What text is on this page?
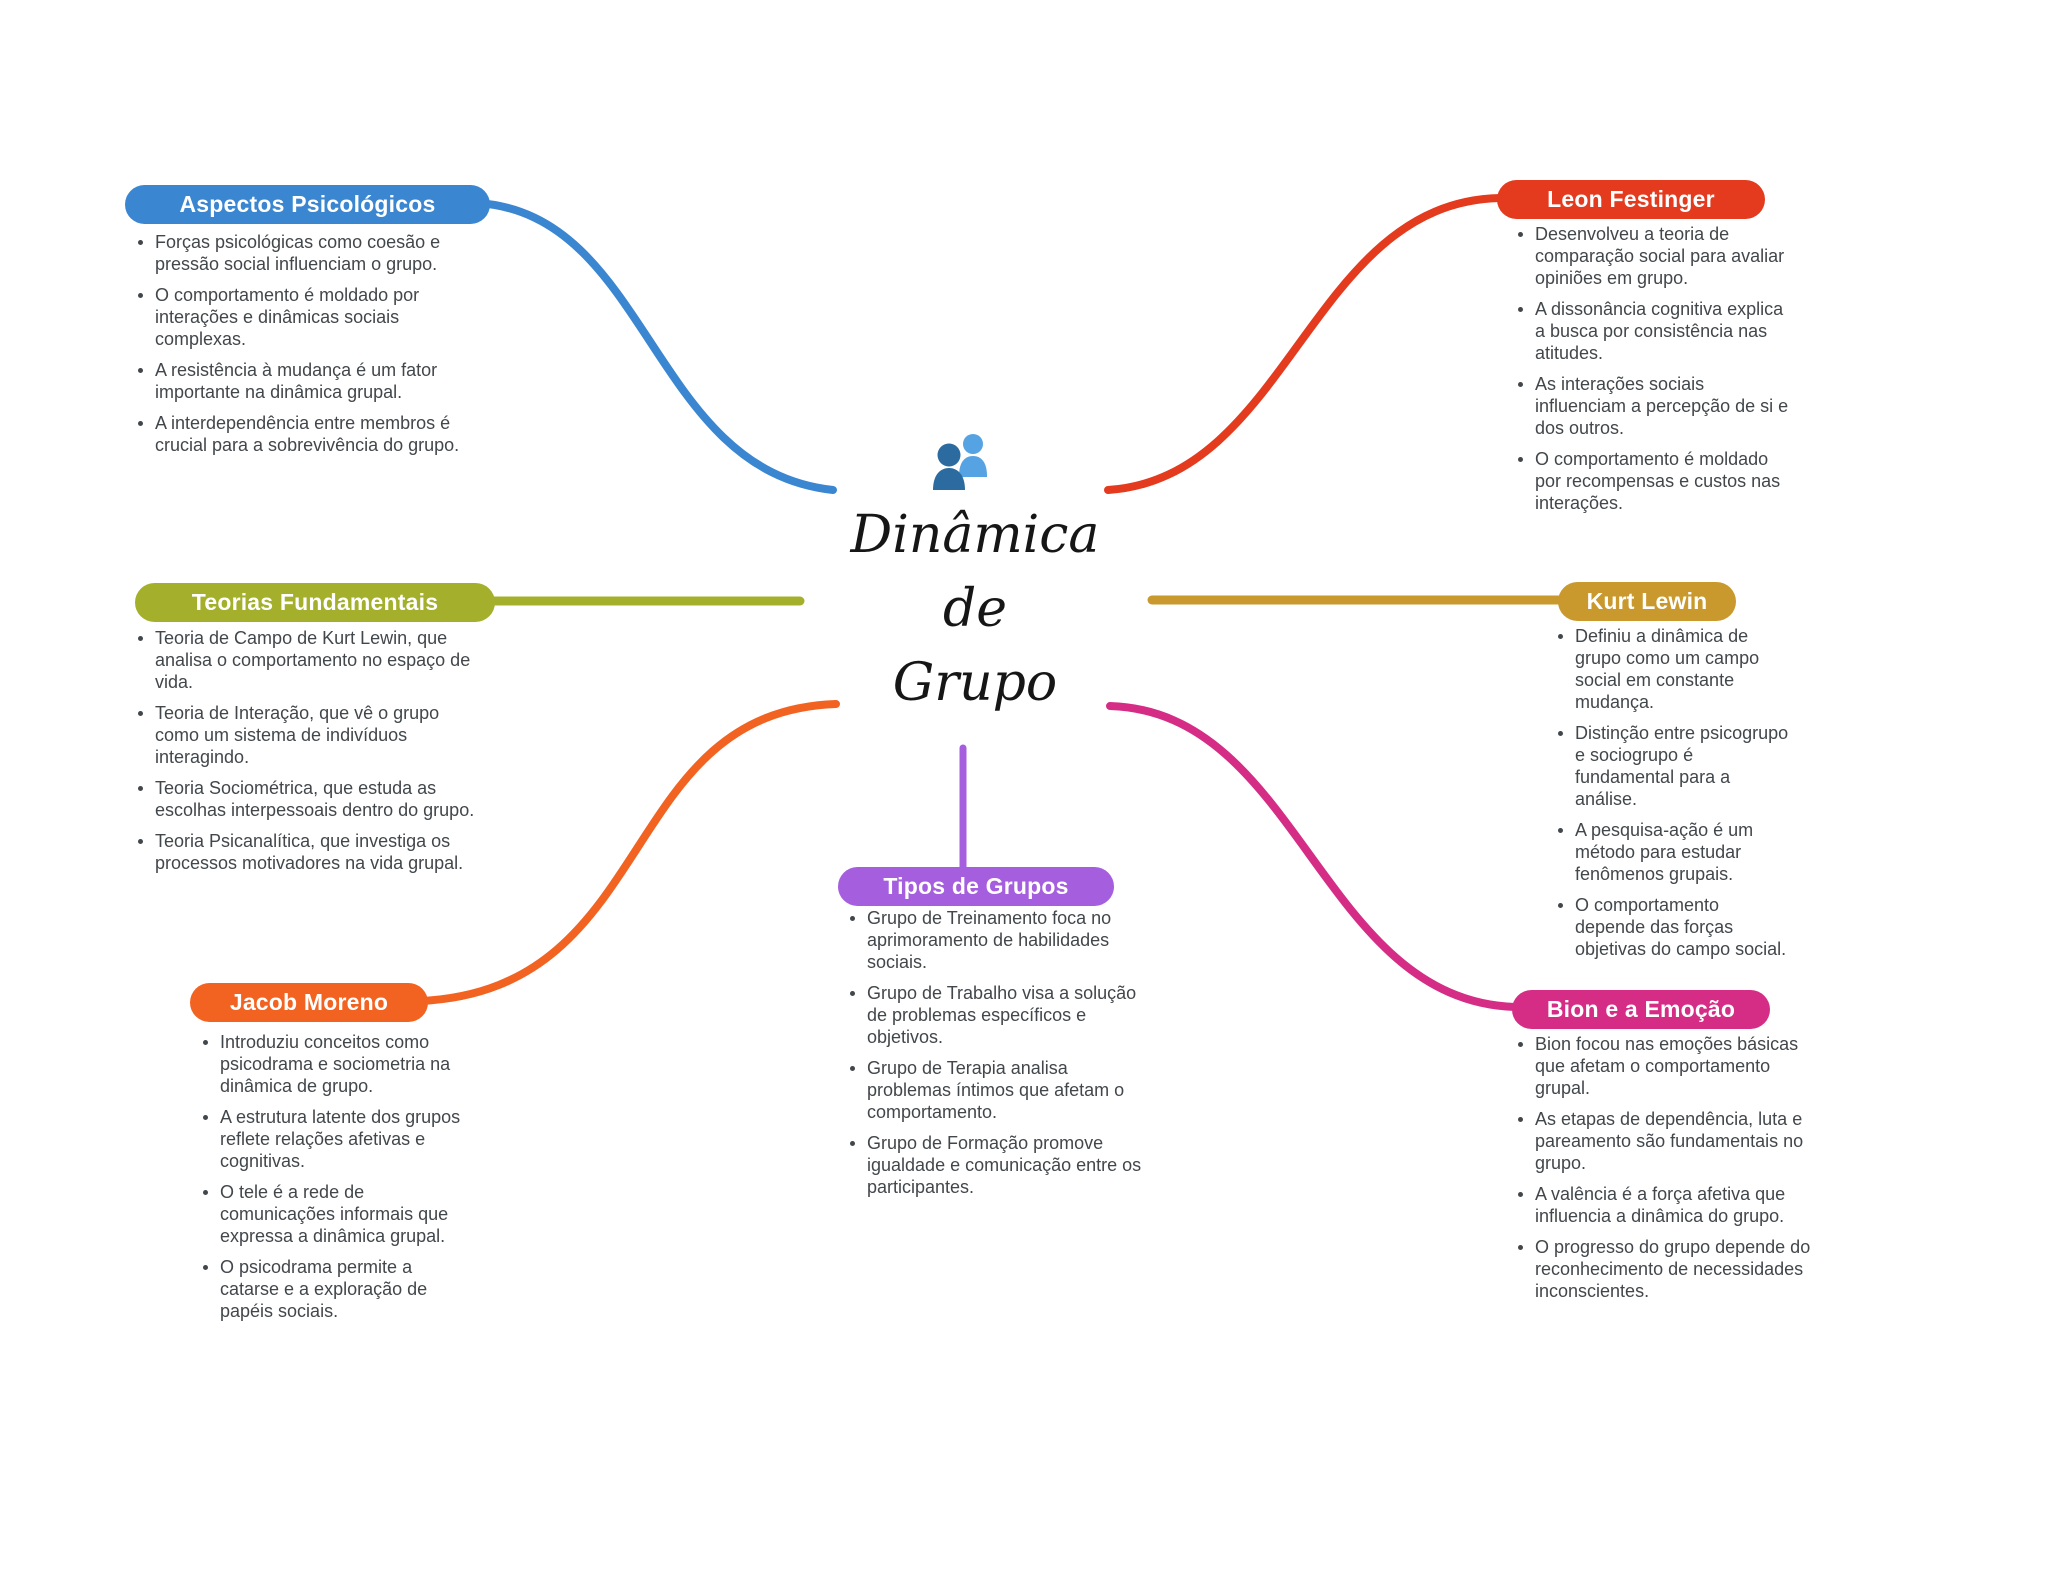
Dinâmica
de
Grupo
Aspectos Psicológicos
Forças psicológicas como coesão e pressão social influenciam o grupo.
O comportamento é moldado por interações e dinâmicas sociais complexas.
A resistência à mudança é um fator importante na dinâmica grupal.
A interdependência entre membros é crucial para a sobrevivência do grupo.
Teorias Fundamentais
Teoria de Campo de Kurt Lewin, que analisa o comportamento no espaço de vida.
Teoria de Interação, que vê o grupo como um sistema de indivíduos interagindo.
Teoria Sociométrica, que estuda as escolhas interpessoais dentro do grupo.
Teoria Psicanalítica, que investiga os processos motivadores na vida grupal.
Jacob Moreno
Introduziu conceitos como psicodrama e sociometria na dinâmica de grupo.
A estrutura latente dos grupos reflete relações afetivas e cognitivas.
O tele é a rede de comunicações informais que expressa a dinâmica grupal.
O psicodrama permite a catarse e a exploração de papéis sociais.
Leon Festinger
Desenvolveu a teoria de comparação social para avaliar opiniões em grupo.
A dissonância cognitiva explica a busca por consistência nas atitudes.
As interações sociais influenciam a percepção de si e dos outros.
O comportamento é moldado por recompensas e custos nas interações.
Kurt Lewin
Definiu a dinâmica de grupo como um campo social em constante mudança.
Distinção entre psicogrupo e sociogrupo é fundamental para a análise.
A pesquisa-ação é um método para estudar fenômenos grupais.
O comportamento depende das forças objetivas do campo social.
Bion e a Emoção
Bion focou nas emoções básicas que afetam o comportamento grupal.
As etapas de dependência, luta e pareamento são fundamentais no grupo.
A valência é a força afetiva que influencia a dinâmica do grupo.
O progresso do grupo depende do reconhecimento de necessidades inconscientes.
Tipos de Grupos
Grupo de Treinamento foca no aprimoramento de habilidades sociais.
Grupo de Trabalho visa a solução de problemas específicos e objetivos.
Grupo de Terapia analisa problemas íntimos que afetam o comportamento.
Grupo de Formação promove igualdade e comunicação entre os participantes.
